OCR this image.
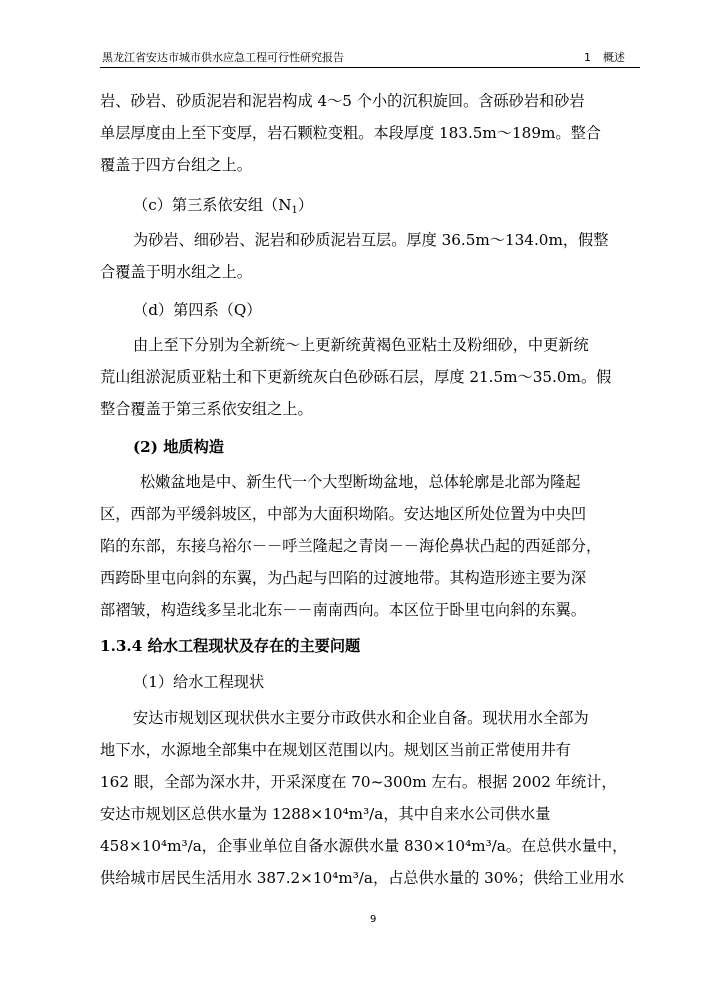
黑龙江省安达市城市供水应急工程可行性研究报告	1 概述
岩、砂岩、砂质泥岩和泥岩构成 4～5 个小的沉积旋回。含砾砂岩和砂岩
单层厚度由上至下变厚，岩石颗粒变粗。本段厚度 183.5m～189m。整合
覆盖于四方台组之上。
（c）第三系依安组$(N_1)$
为砂岩、细砂岩、泥岩和砂质泥岩互层。厚度 36.5m～134.0m，假整
合覆盖于明水组之上。
（d）第四系（Q）
由上至下分别为全新统～上更新统黄褐色亚粘土及粉细砂，中更新统
荒山组淤泥质亚粘土和下更新统灰白色砂砾石层，厚度 21.5m～35.0m。假
整合覆盖于第三系依安组之上。
(2) 地质构造
松嫩盆地是中、新生代一个大型断坳盆地，总体轮廓是北部为隆起
区，西部为平缓斜坡区，中部为大面积坳陷。安达地区所处位置为中央凹
陷的东部，东接乌裕尔－－呼兰隆起之青岗－－海伦鼻状凸起的西延部分，
西跨卧里屯向斜的东翼，为凸起与凹陷的过渡地带。其构造形迹主要为深
部褶皱，构造线多呈北北东－－南南西向。本区位于卧里屯向斜的东翼。
1.3.4 给水工程现状及存在的主要问题
（1）给水工程现状
安达市规划区现状供水主要分市政供水和企业自备。现状用水全部为
地下水，水源地全部集中在规划区范围以内。规划区当前正常使用井有
162 眼，全部为深水井，开采深度在 70~300m 左右。根据 2002 年统计，
安达市规划区总供水量为 1288×10⁴m³/a，其中自来水公司供水量
458×10⁴m³/a，企事业单位自备水源供水量 830×10⁴m³/a。在总供水量中，
供给城市居民生活用水 387.2×10⁴m³/a，占总供水量的 30%；供给工业用水
9
